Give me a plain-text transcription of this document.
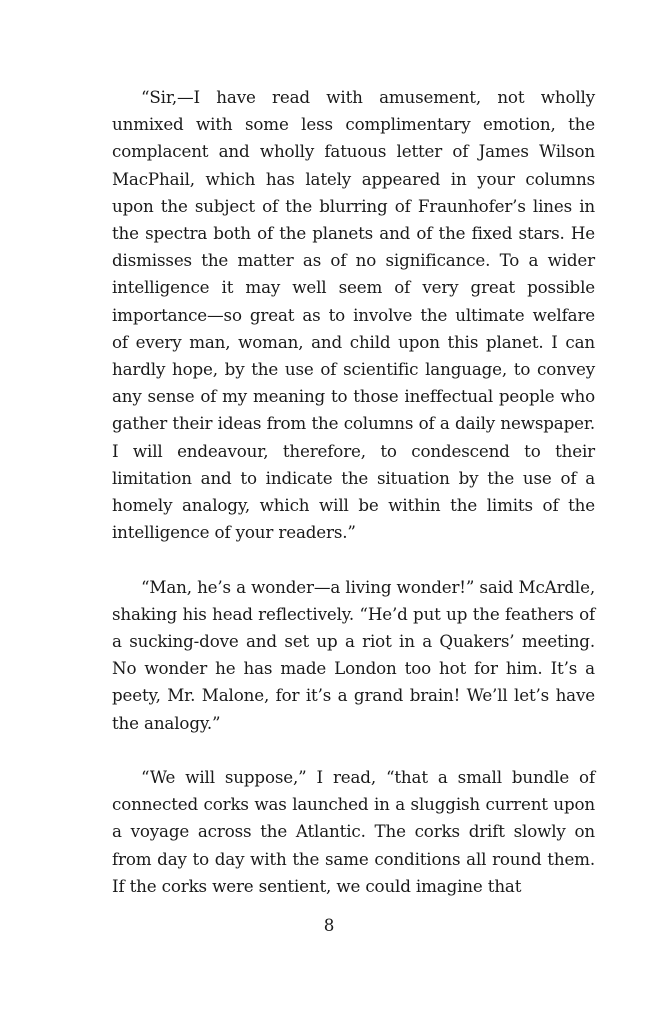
“Sir,—I have read with amusement, not wholly unmixed with some less complimentary emotion, the complacent and wholly fatuous letter of James Wilson MacPhail, which has lately appeared in your columns upon the subject of the blurring of Fraunhofer’s lines in the spectra both of the planets and of the fixed stars. He dismisses the matter as of no significance. To a wider intelligence it may well seem of very great possible importance—so great as to involve the ultimate welfare of every man, woman, and child upon this planet. I can hardly hope, by the use of scientific language, to convey any sense of my meaning to those ineffectual people who gather their ideas from the columns of a daily newspaper. I will endeavour, therefore, to condescend to their limitation and to indicate the situation by the use of a homely analogy, which will be within the limits of the intelligence of your readers.”

“Man, he’s a wonder—a living wonder!” said McArdle, shaking his head reflectively. “He’d put up the feathers of a sucking-dove and set up a riot in a Quakers’ meeting. No wonder he has made London too hot for him. It’s a peety, Mr. Malone, for it’s a grand brain! We’ll let’s have the analogy.”

“We will suppose,” I read, “that a small bundle of connected corks was launched in a sluggish current upon a voyage across the Atlantic. The corks drift slowly on from day to day with the same conditions all round them. If the corks were sentient, we could imagine that

8
